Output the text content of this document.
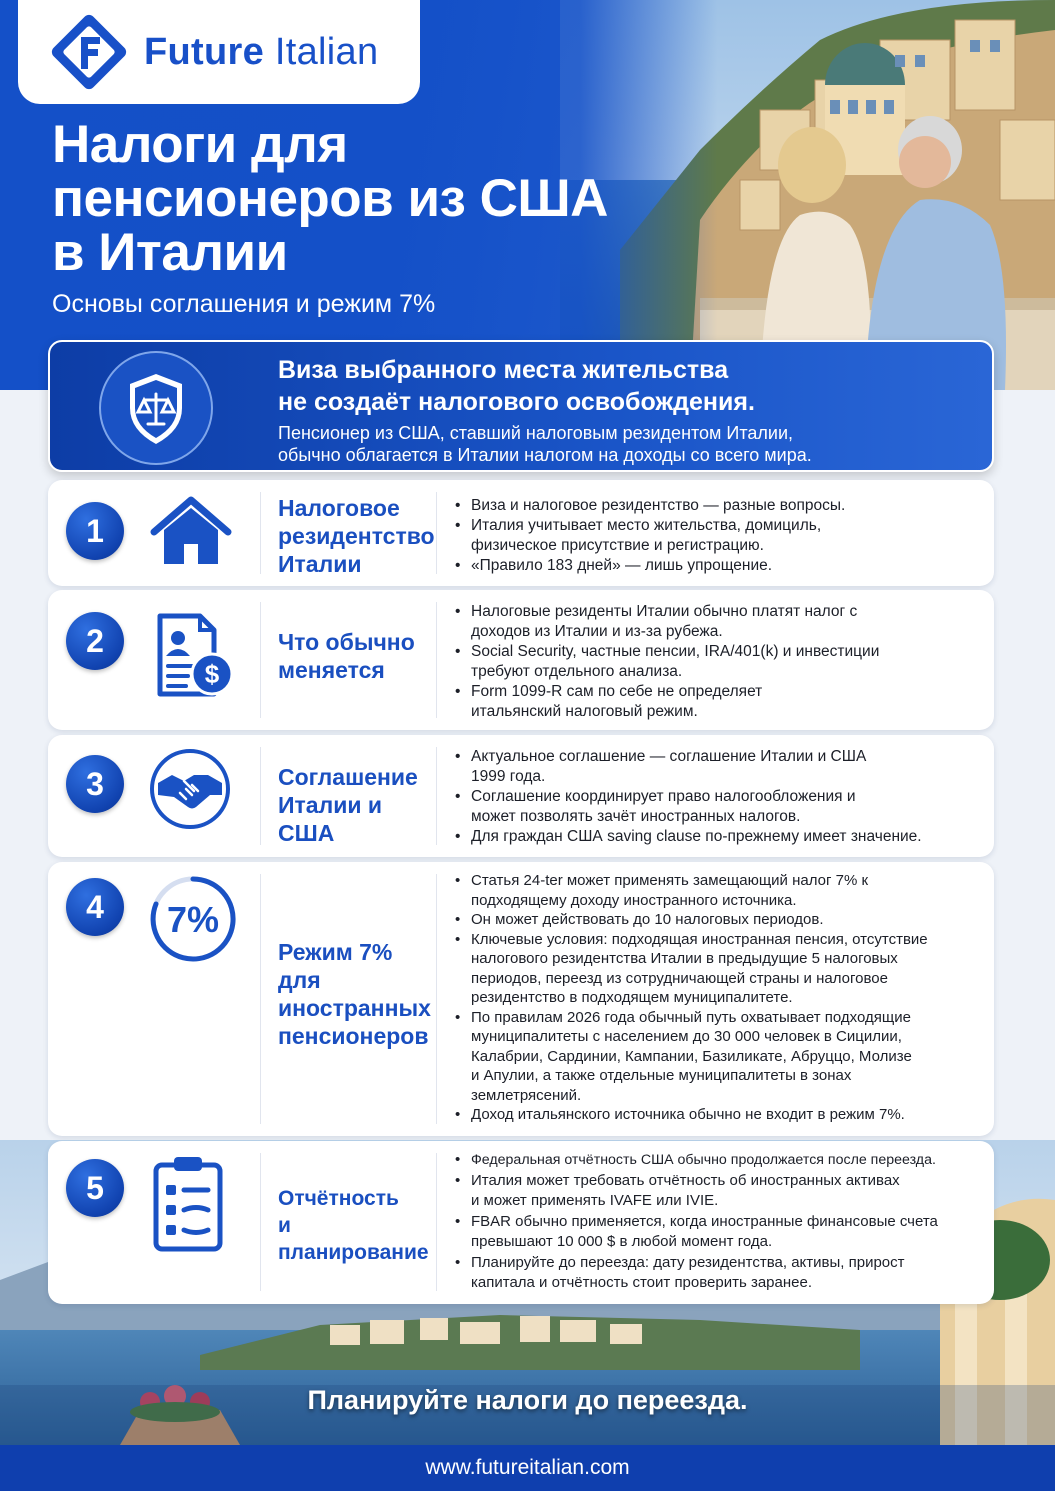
Future Italian
Налоги для
пенсионеров из США
в Италии
Основы соглашения и режим 7%
Виза выбранного места жительства
не создаёт налогового освобождения.
Пенсионер из США, ставший налоговым резидентом Италии,
обычно облагается в Италии налогом на доходы со всего мира.
1
Налоговое
резидентство
Италии
• Виза и налоговое резидентство — разные вопросы.
• Италия учитывает место жительства, домициль,
физическое присутствие и регистрацию.
• «Правило 183 дней» — лишь упрощение.
2
$
Что обычно
меняется
• Налоговые резиденты Италии обычно платят налог с
доходов из Италии и из-за рубежа.
• Social Security, частные пенсии, IRA/401(k) и инвестиции
требуют отдельного анализа.
• Form 1099-R сам по себе не определяет
итальянский налоговый режим.
3	Соглашение
Италии и США
• Актуальное соглашение — соглашение Италии и США
1999 года.
• Соглашение координирует право налогообложения и
может позволять зачёт иностранных налогов.
• Для граждан США saving clause по-прежнему имеет значение.
4	7%
Режим 7% для
иностранных
пенсионеров
• Статья 24-ter может применять замещающий налог 7% к
подходящему доходу иностранного источника.
• Он может действовать до 10 налоговых периодов.
• Ключевые условия: подходящая иностранная пенсия, отсутствие
налогового резидентства Италии в предыдущие 5 налоговых
периодов, переезд из сотрудничающей страны и налоговое
резидентство в подходящем муниципалитете.
• По правилам 2026 года обычный путь охватывает подходящие
муниципалитеты с населением до 30 000 человек в Сицилии,
Калабрии, Сардинии, Кампании, Базиликате, Абруццо, Молизе
и Апулии, а также отдельные муниципалитеты в зонах
землетрясений.
• Доход итальянского источника обычно не входит в режим 7%.
5	Отчётность
и планирование
• Федеральная отчётность США обычно продолжается после переезда.
• Италия может требовать отчётность об иностранных активах
и может применять IVAFE или IVIE.
• FBAR обычно применяется, когда иностранные финансовые счета
превышают 10 000 $ в любой момент года.
• Планируйте до переезда: дату резидентства, активы, прирост
капитала и отчётность стоит проверить заранее.
Планируйте налоги до переезда.
www.futureitalian.com
